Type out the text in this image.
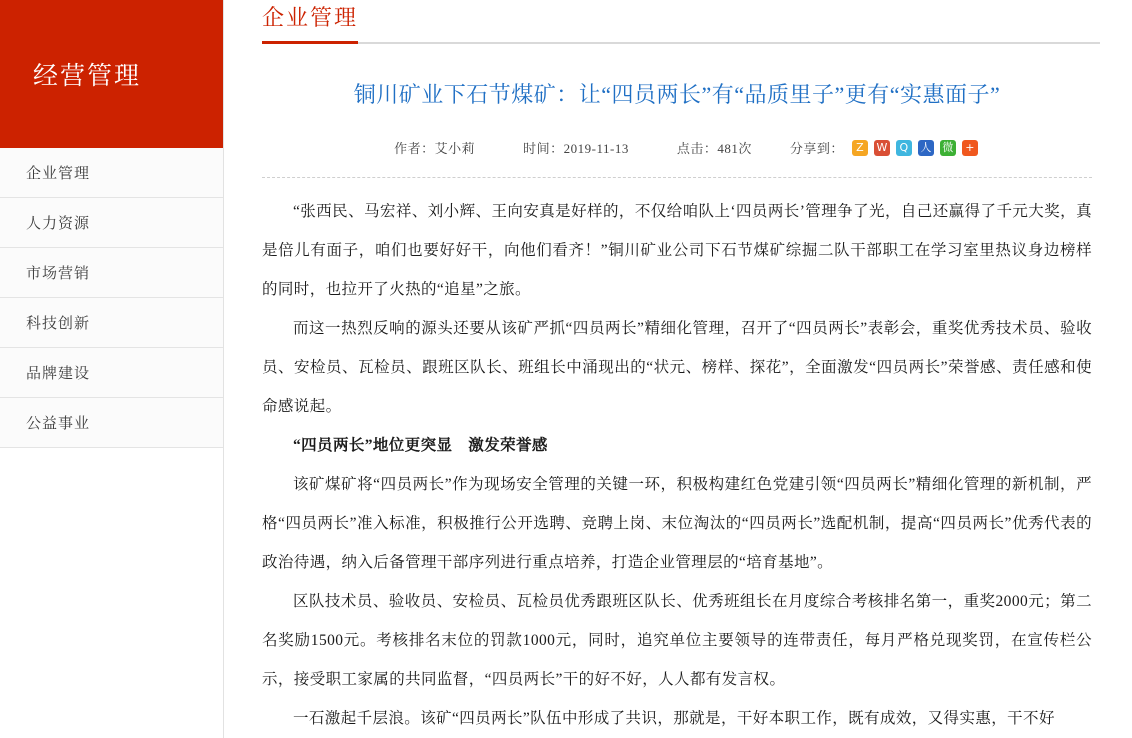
经营管理
企业管理
人力资源
市场营销
科技创新
品牌建设
公益事业
企业管理
铜川矿业下石节煤矿：让“四员两长”有“品质里子”更有“实惠面子”
作者：艾小莉	时间：2019-11-13	点击：481次	分享到：	Z	W	Q	人 微	+

“张西民、马宏祥、刘小辉、王向安真是好样的，不仅给咱队上‘四员两长’管理争了光，自己还赢得了千元大奖，真是倍儿有面子，咱们也要好好干，向他们看齐！”铜川矿业公司下石节煤矿综掘二队干部职工在学习室里热议身边榜样的同时，也拉开了火热的“追星”之旅。

而这一热烈反响的源头还要从该矿严抓“四员两长”精细化管理，召开了“四员两长”表彰会，重奖优秀技术员、验收员、安检员、瓦检员、跟班区队长、班组长中涌现出的“状元、榜样、探花”，全面激发“四员两长”荣誉感、责任感和使命感说起。

“四员两长”地位更突显　激发荣誉感

该矿煤矿将“四员两长”作为现场安全管理的关键一环，积极构建红色党建引领“四员两长”精细化管理的新机制，严格“四员两长”准入标准，积极推行公开选聘、竞聘上岗、末位淘汰的“四员两长”选配机制，提高“四员两长”优秀代表的政治待遇，纳入后备管理干部序列进行重点培养，打造企业管理层的“培育基地”。

区队技术员、验收员、安检员、瓦检员优秀跟班区队长、优秀班组长在月度综合考核排名第一，重奖2000元；第二名奖励1500元。考核排名末位的罚款1000元，同时，追究单位主要领导的连带责任，每月严格兑现奖罚，在宣传栏公示，接受职工家属的共同监督，“四员两长”干的好不好，人人都有发言权。

一石激起千层浪。该矿“四员两长”队伍中形成了共识，那就是，干好本职工作，既有成效，又得实惠，干不好
